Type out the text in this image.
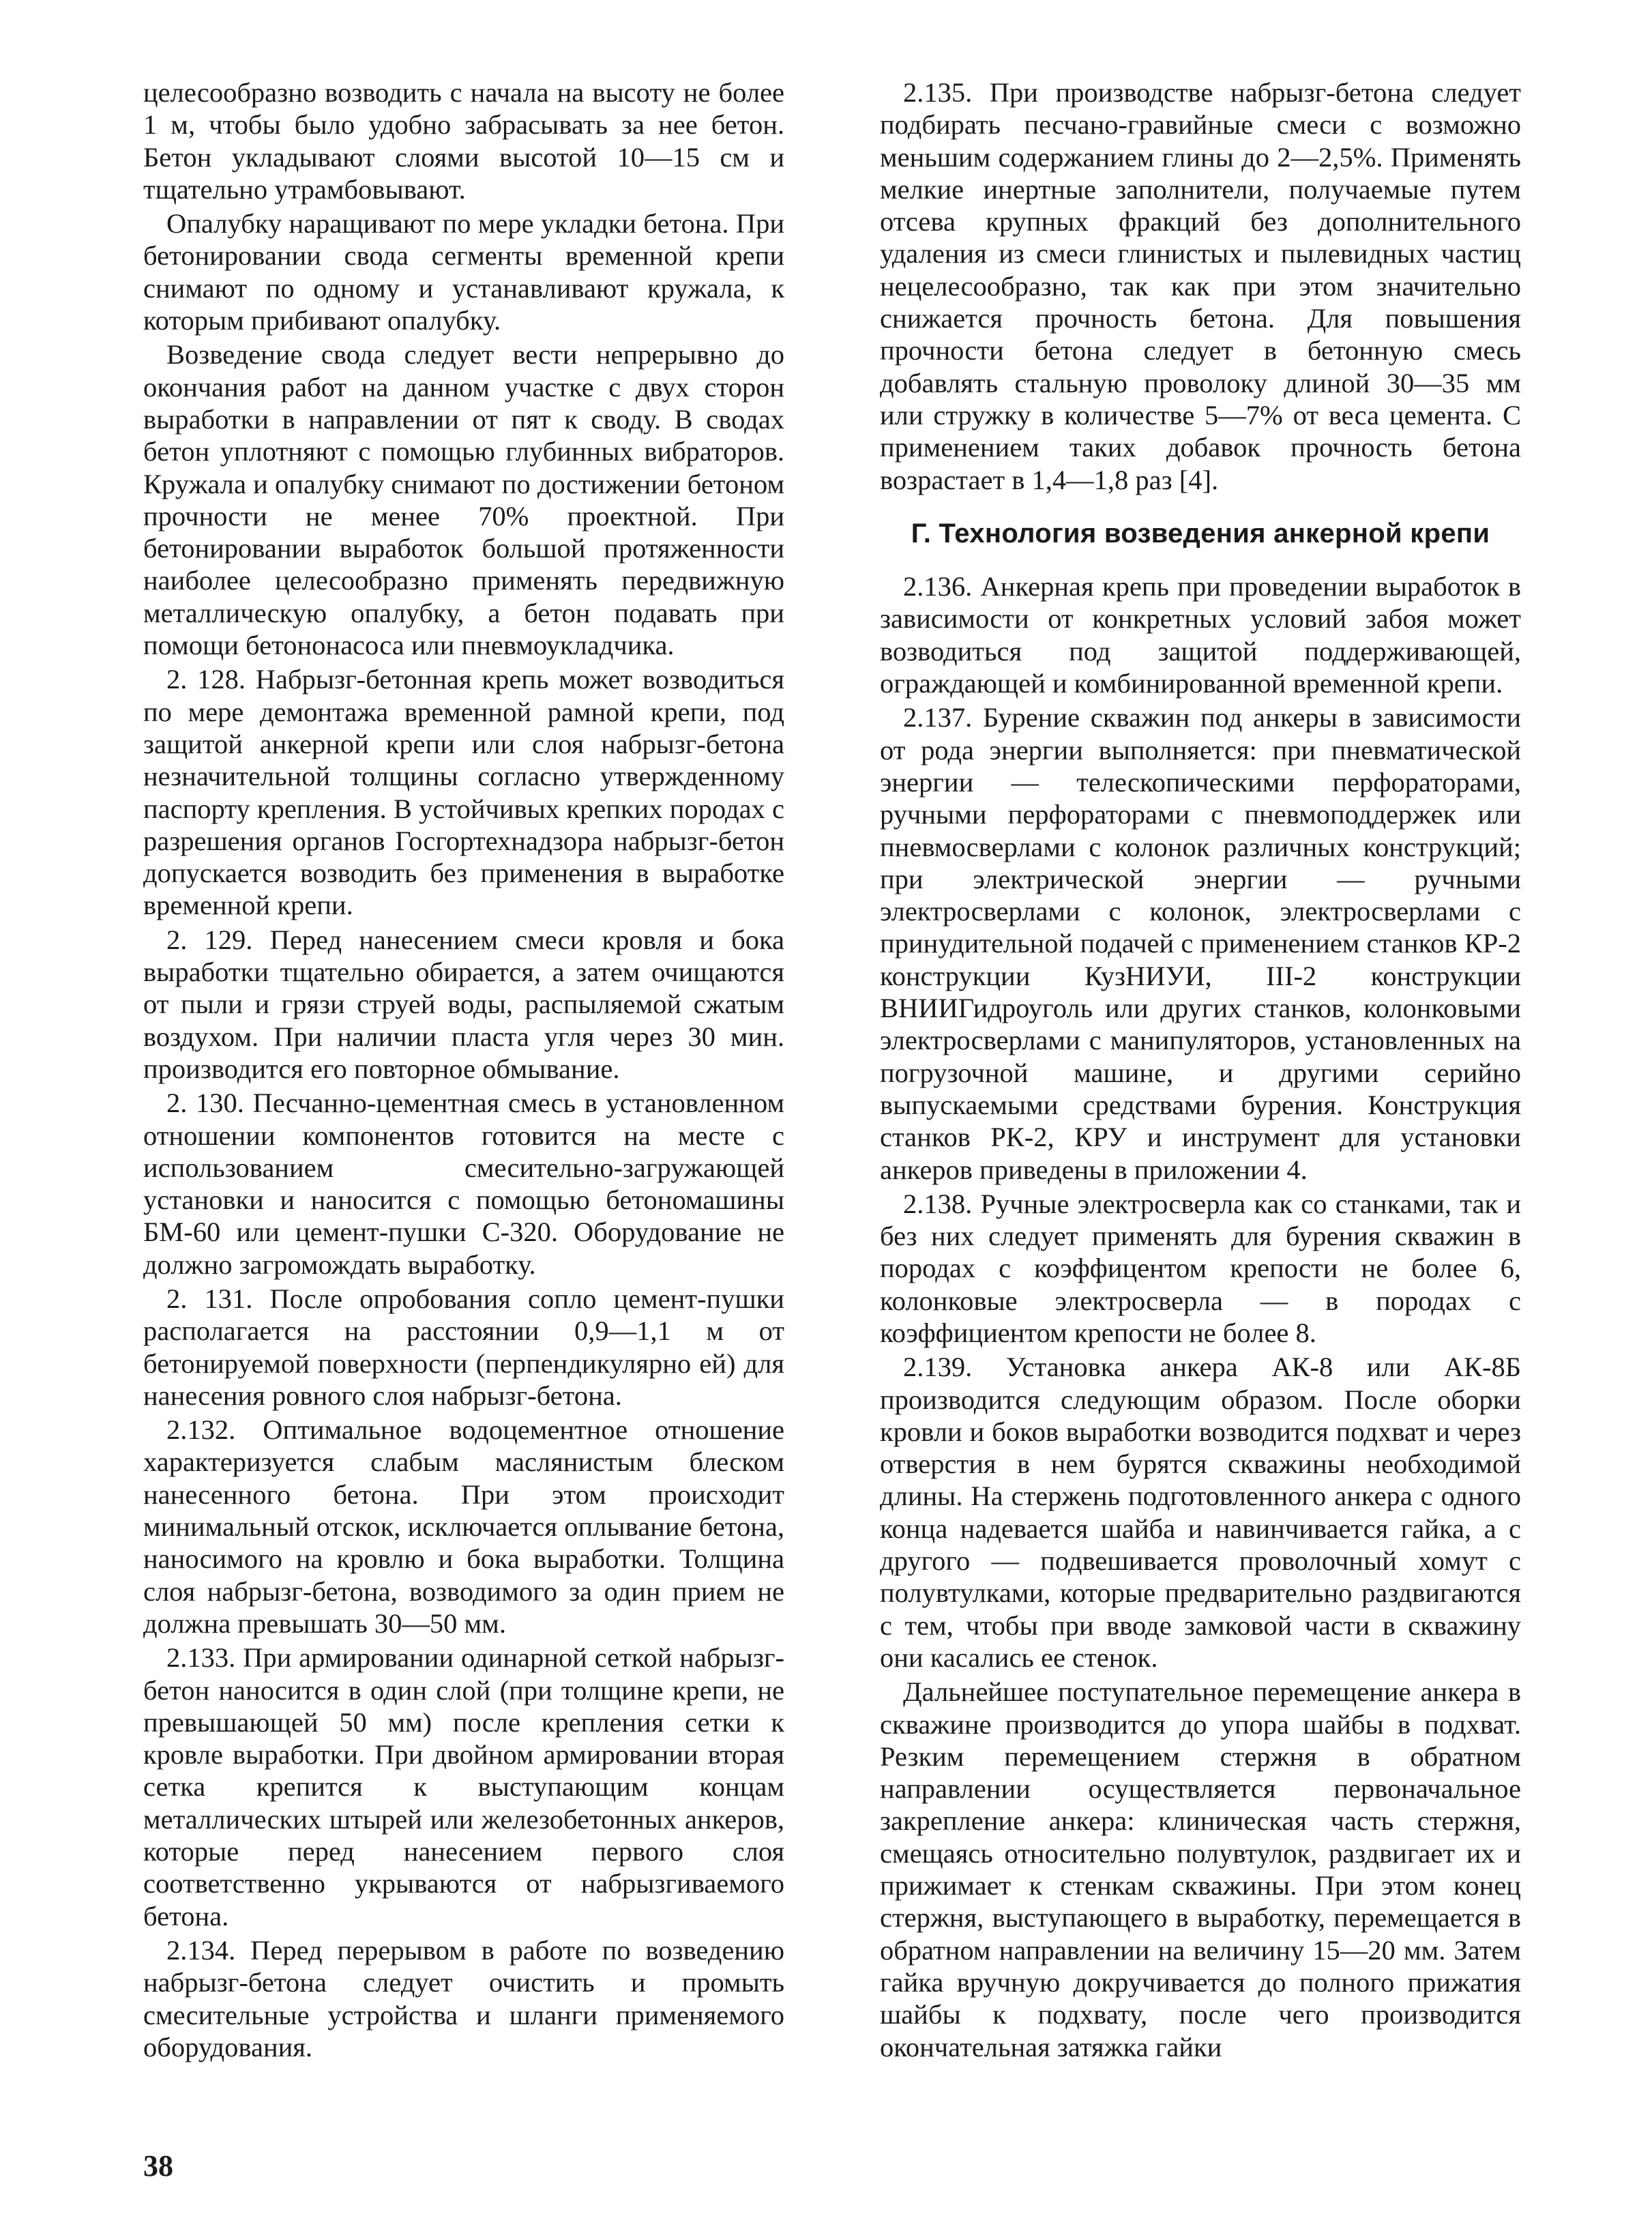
целесообразно возводить с начала на высоту не более 1 м, чтобы было удобно забрасывать за нее бетон. Бетон укладывают слоями высотой 10—15 см и тщательно утрамбовывают.

Опалубку наращивают по мере укладки бетона. При бетонировании свода сегменты временной крепи снимают по одному и устанавливают кружала, к которым прибивают опалубку.

Возведение свода следует вести непрерывно до окончания работ на данном участке с двух сторон выработки в направлении от пят к своду. В сводах бетон уплотняют с помощью глубинных вибраторов. Кружала и опалубку снимают по достижении бетоном прочности не менее 70% проектной. При бетонировании выработок большой протяженности наиболее целесообразно применять передвижную металлическую опалубку, а бетон подавать при помощи бетононасоса или пневмоукладчика.

2. 128. Набрызг-бетонная крепь может возводиться по мере демонтажа временной рамной крепи, под защитой анкерной крепи или слоя набрызг-бетона незначительной толщины согласно утвержденному паспорту крепления. В устойчивых крепких породах с разрешения органов Госгортехнадзора набрызг-бетон допускается возводить без применения в выработке временной крепи.

2. 129. Перед нанесением смеси кровля и бока выработки тщательно обирается, а затем очищаются от пыли и грязи струей воды, распыляемой сжатым воздухом. При наличии пласта угля через 30 мин. производится его повторное обмывание.

2. 130. Песчанно-цементная смесь в установленном отношении компонентов готовится на месте с использованием смесительно-загружающей установки и наносится с помощью бетономашины БМ-60 или цемент-пушки С-320. Оборудование не должно загромождать выработку.

2. 131. После опробования сопло цемент-пушки располагается на расстоянии 0,9—1,1 м от бетонируемой поверхности (перпендикулярно ей) для нанесения ровного слоя набрызг-бетона.

2.132. Оптимальное водоцементное отношение характеризуется слабым маслянистым блеском нанесенного бетона. При этом происходит минимальный отскок, исключается оплывание бетона, наносимого на кровлю и бока выработки. Толщина слоя набрызг-бетона, возводимого за один прием не должна превышать 30—50 мм.

2.133. При армировании одинарной сеткой набрызг-бетон наносится в один слой (при толщине крепи, не превышающей 50 мм) после крепления сетки к кровле выработки. При двойном армировании вторая сетка крепится к выступающим концам металлических штырей или железобетонных анкеров, которые перед нанесением первого слоя соответственно укрываются от набрызгиваемого бетона.

2.134. Перед перерывом в работе по возведению набрызг-бетона следует очистить и промыть смесительные устройства и шланги применяемого оборудования.

2.135. При производстве набрызг-бетона следует подбирать песчано-гравийные смеси с возможно меньшим содержанием глины до 2—2,5%. Применять мелкие инертные заполнители, получаемые путем отсева крупных фракций без дополнительного удаления из смеси глинистых и пылевидных частиц нецелесообразно, так как при этом значительно снижается прочность бетона. Для повышения прочности бетона следует в бетонную смесь добавлять стальную проволоку длиной 30—35 мм или стружку в количестве 5—7% от веса цемента. С применением таких добавок прочность бетона возрастает в 1,4—1,8 раз [4].

Г. Технология возведения анкерной крепи

2.136. Анкерная крепь при проведении выработок в зависимости от конкретных условий забоя может возводиться под защитой поддерживающей, ограждающей и комбинированной временной крепи.

2.137. Бурение скважин под анкеры в зависимости от рода энергии выполняется: при пневматической энергии — телескопическими перфораторами, ручными перфораторами с пневмоподдержек или пневмосверлами с колонок различных конструкций; при электрической энергии — ручными электросверлами с колонок, электросверлами с принудительной подачей с применением станков КР-2 конструкции КузНИУИ, III-2 конструкции ВНИИГидроуголь или других станков, колонковыми электросверлами с манипуляторов, установленных на погрузочной машине, и другими серийно выпускаемыми средствами бурения. Конструкция станков РК-2, КРУ и инструмент для установки анкеров приведены в приложении 4.

2.138. Ручные электросверла как со станками, так и без них следует применять для бурения скважин в породах с коэффицентом крепости не более 6, колонковые электросверла — в породах с коэффициентом крепости не более 8.

2.139. Установка анкера АК-8 или АК-8Б производится следующим образом. После оборки кровли и боков выработки возводится подхват и через отверстия в нем бурятся скважины необходимой длины. На стержень подготовленного анкера с одного конца надевается шайба и навинчивается гайка, а с другого — подвешивается проволочный хомут с полувтулками, которые предварительно раздвигаются с тем, чтобы при вводе замковой части в скважину они касались ее стенок.

Дальнейшее поступательное перемещение анкера в скважине производится до упора шайбы в подхват. Резким перемещением стержня в обратном направлении осуществляется первоначальное закрепление анкера: клиническая часть стержня, смещаясь относительно полувтулок, раздвигает их и прижимает к стенкам скважины. При этом конец стержня, выступающего в выработку, перемещается в обратном направлении на величину 15—20 мм. Затем гайка вручную докручивается до полного прижатия шайбы к подхвату, после чего производится окончательная затяжка гайки

38
